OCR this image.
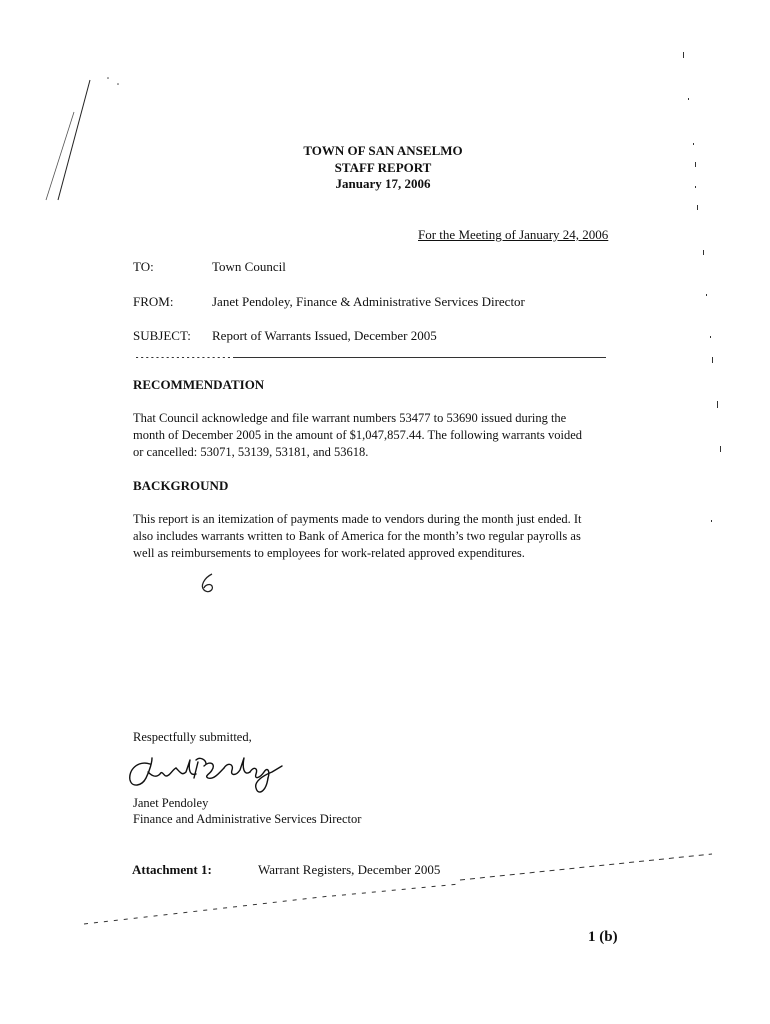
TOWN OF SAN ANSELMO
STAFF REPORT
January 17, 2006
For the Meeting of January 24, 2006
TO:	Town Council
FROM:	Janet Pendoley, Finance & Administrative Services Director
SUBJECT: Report of Warrants Issued, December 2005
RECOMMENDATION
That Council acknowledge and file warrant numbers 53477 to 53690 issued during the
month of December 2005 in the amount of $1,047,857.44. The following warrants voided
or cancelled: 53071, 53139, 53181, and 53618.
BACKGROUND
This report is an itemization of payments made to vendors during the month just ended. It
also includes warrants written to Bank of America for the month’s two regular payrolls as
well as reimbursements to employees for work-related approved expenditures.
Respectfully submitted,
Janet Pendoley
Finance and Administrative Services Director
Attachment 1:	Warrant Registers, December 2005
1 (b)
